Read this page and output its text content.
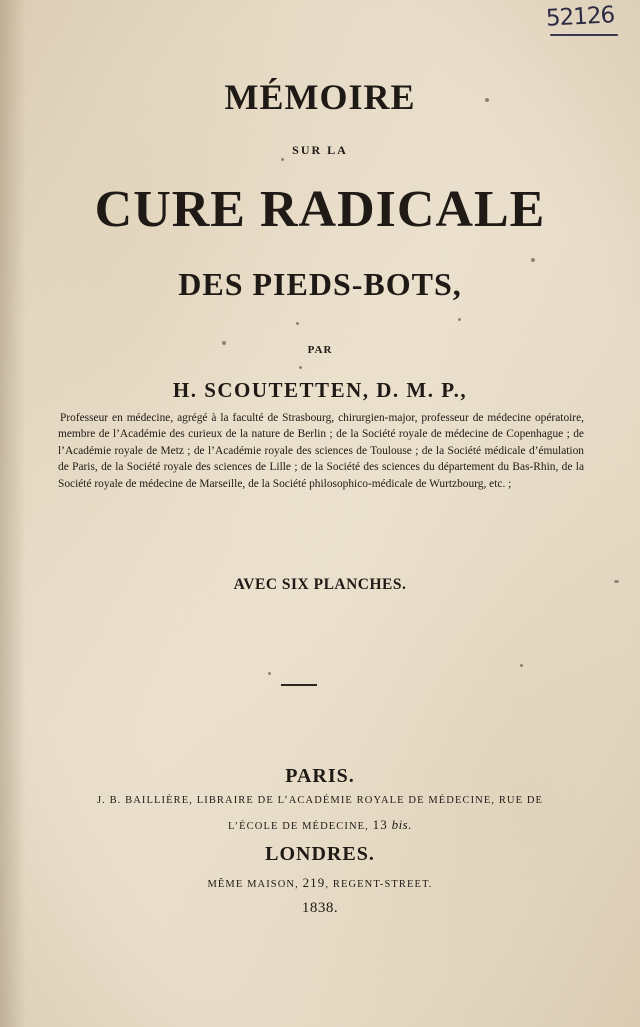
52126
MÉMOIRE
SUR LA
CURE RADICALE
DES PIEDS-BOTS,
PAR
H. SCOUTETTEN, D. M. P.,
Professeur en médecine, agrégé à la faculté de Strasbourg, chirurgien-major, professeur de médecine opératoire, membre de l’Académie des curieux de la nature de Berlin ; de la Société royale de médecine de Copenhague ; de l’Académie royale de Metz ; de l’Académie royale des sciences de Toulouse ; de la Société médicale d’émulation de Paris, de la Société royale des sciences de Lille ; de la Société des sciences du département du Bas-Rhin, de la Société royale de médecine de Marseille, de la Société philosophico-médicale de Wurtzbourg, etc. ;
AVEC SIX PLANCHES.
PARIS.
J. B. BAILLIÈRE, LIBRAIRE DE L’ACADÉMIE ROYALE DE MÉDECINE, RUE DE
L’ÉCOLE DE MÉDECINE, 13 bis.
LONDRES.
MÊME MAISON, 219, REGENT-STREET.
1838.
